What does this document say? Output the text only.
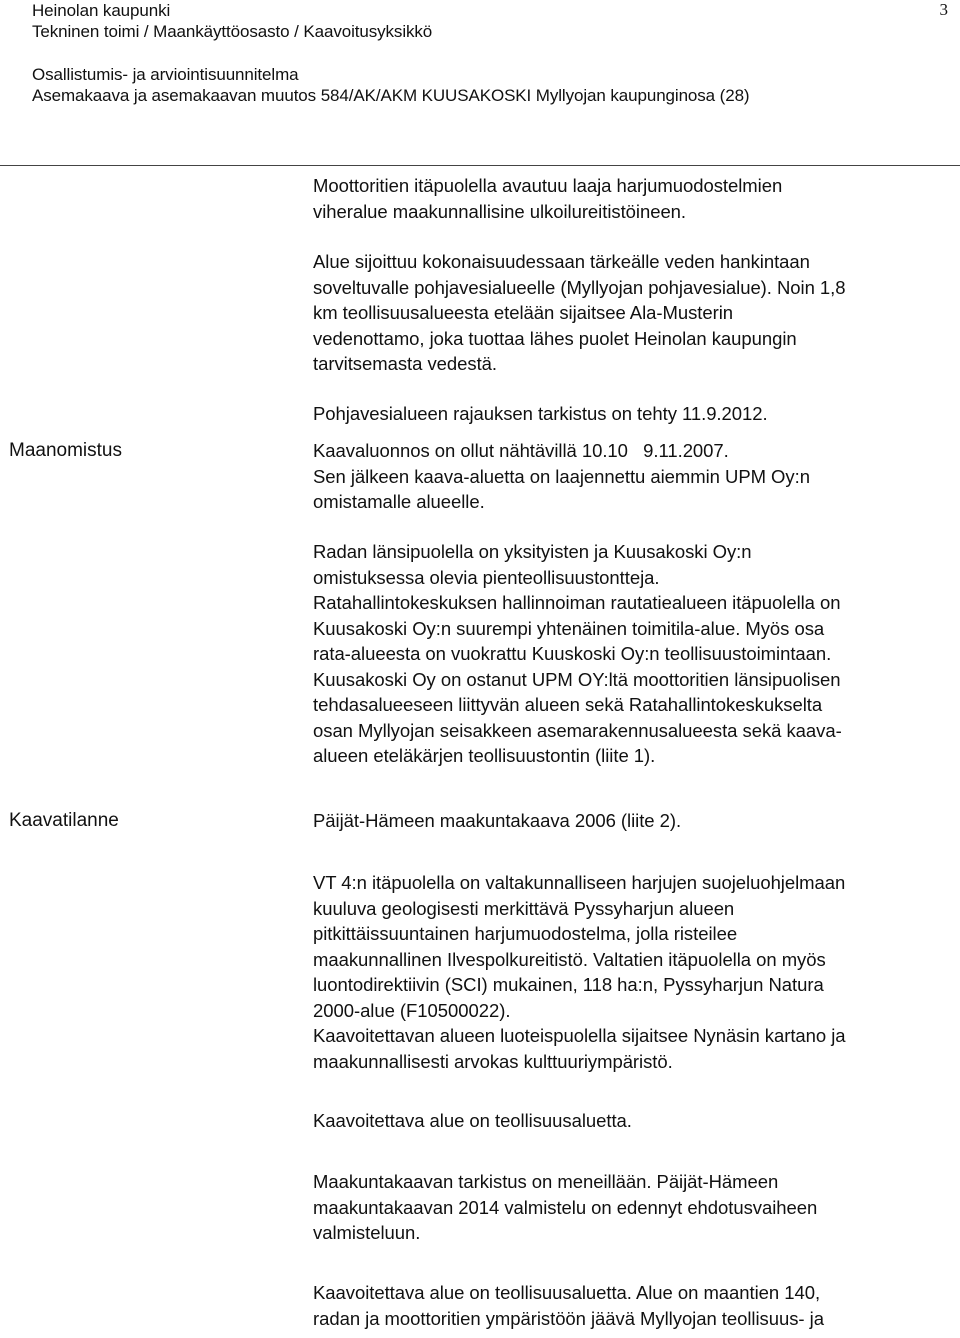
Heinolan kaupunki
Tekninen toimi / Maankäyttöosasto / Kaavoitusyksikkö
Osallistumis- ja arviointisuunnitelma
Asemakaava ja asemakaavan muutos 584/AK/AKM KUUSAKOSKI Myllyojan kaupunginosa (28)
3
Maanomistus
Kaavatilanne

Moottoritien itäpuolella avautuu laaja harjumuodostelmien
viheralue maakunnallisine ulkoilureitistöineen.

Alue sijoittuu kokonaisuudessaan tärkeälle veden hankintaan
soveltuvalle pohjavesialueelle (Myllyojan pohjavesialue). Noin 1,8
km teollisuusalueesta etelään sijaitsee Ala-Musterin
vedenottamo, joka tuottaa lähes puolet Heinolan kaupungin
tarvitsemasta vedestä.

Pohjavesialueen rajauksen tarkistus on tehty 11.9.2012.

Kaavaluonnos on ollut nähtävillä 10.10   9.11.2007.
Sen jälkeen kaava-aluetta on laajennettu aiemmin UPM Oy:n
omistamalle alueelle.

Radan länsipuolella on yksityisten ja Kuusakoski Oy:n
omistuksessa olevia pienteollisuustontteja.
Ratahallintokeskuksen hallinnoiman rautatiealueen itäpuolella on
Kuusakoski Oy:n suurempi yhtenäinen toimitila-alue. Myös osa
rata-alueesta on vuokrattu Kuuskoski Oy:n teollisuustoimintaan.
Kuusakoski Oy on ostanut UPM OY:ltä moottoritien länsipuolisen
tehdasalueeseen liittyvän alueen sekä Ratahallintokeskukselta
osan Myllyojan seisakkeen asemarakennusalueesta sekä kaava-
alueen eteläkärjen teollisuustontin (liite 1).

Päijät-Hämeen maakuntakaava 2006 (liite 2).

VT 4:n itäpuolella on valtakunnalliseen harjujen suojeluohjelmaan
kuuluva geologisesti merkittävä Pyssyharjun alueen
pitkittäissuuntainen harjumuodostelma, jolla risteilee
maakunnallinen Ilvespolkureitistö. Valtatien itäpuolella on myös
luontodirektiivin (SCI) mukainen, 118 ha:n, Pyssyharjun Natura
2000-alue (F10500022).
Kaavoitettavan alueen luoteispuolella sijaitsee Nynäsin kartano ja
maakunnallisesti arvokas kulttuuriympäristö.

Kaavoitettava alue on teollisuusaluetta.

Maakuntakaavan tarkistus on meneillään. Päijät-Hämeen
maakuntakaavan 2014 valmistelu on edennyt ehdotusvaiheen
valmisteluun.

Kaavoitettava alue on teollisuusaluetta. Alue on maantien 140,
radan ja moottoritien ympäristöön jäävä Myllyojan teollisuus- ja
